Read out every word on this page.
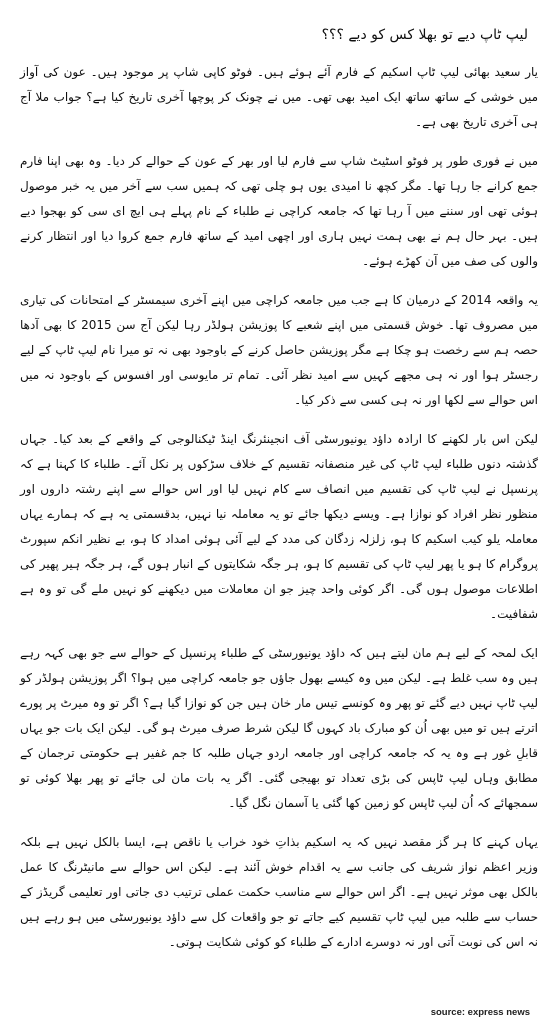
لیپ ٹاپ دیے تو بھلا کس کو دیے ؟؟؟

یار سعید بھائی لیپ ٹاپ اسکیم کے فارم آئے ہوئے ہیں۔ فوٹو کاپی شاپ پر موجود ہیں۔ عون کی آواز میں خوشی کے ساتھ ساتھ ایک امید بھی تھی۔ میں نے چونک کر پوچھا آخری تاریخ کیا ہے؟ جواب ملا آج ہی آخری تاریخ بھی ہے۔

میں نے فوری طور پر فوٹو اسٹیٹ شاپ سے فارم لیا اور بھر کے عون کے حوالے کر دیا۔ وہ بھی اپنا فارم جمع کرانے جا رہا تھا۔ مگر کچھ نا امیدی یوں ہو چلی تھی کہ ہمیں سب سے آخر میں یہ خبر موصول ہوئی تھی اور سننے میں آ رہا تھا کہ جامعہ کراچی نے طلباء کے نام پہلے ہی ایچ ای سی کو بھجوا دیے ہیں۔ بہر حال ہم نے بھی ہمت نہیں ہاری اور اچھی امید کے ساتھ فارم جمع کروا دیا اور انتظار کرنے والوں کی صف میں آن کھڑے ہوئے۔

یہ واقعہ 2014 کے درمیان کا ہے جب میں جامعہ کراچی میں اپنے آخری سیمسٹر کے امتحانات کی تیاری میں مصروف تھا۔ خوش قسمتی میں اپنے شعبے کا پوزیشن ہولڈر رہا لیکن آج سن 2015 کا بھی آدھا حصہ ہم سے رخصت ہو چکا ہے مگر پوزیشن حاصل کرنے کے باوجود بھی نہ تو میرا نام لیپ ٹاپ کے لیے رجسٹر ہوا اور نہ ہی مجھے کہیں سے امید نظر آئی۔ تمام تر مایوسی اور افسوس کے باوجود نہ میں اس حوالے سے لکھا اور نہ ہی کسی سے ذکر کیا۔

لیکن اس بار لکھنے کا ارادہ داؤد یونیورسٹی آف انجینئرنگ اینڈ ٹیکنالوجی کے واقعے کے بعد کیا۔ جہاں گذشتہ دنوں طلباء لیپ ٹاپ کی غیر منصفانہ تقسیم کے خلاف سڑکوں پر نکل آئے۔ طلباء کا کہنا ہے کہ پرنسپل نے لیپ ٹاپ کی تقسیم میں انصاف سے کام نہیں لیا اور اس حوالے سے اپنے رشتہ داروں اور منظور نظر افراد کو نوازا ہے۔ ویسے دیکھا جائے تو یہ معاملہ نیا نہیں، بدقسمتی یہ ہے کہ ہمارے یہاں معاملہ یلو کیب اسکیم کا ہو، زلزلہ زدگان کی مدد کے لیے آئی ہوئی امداد کا ہو، بے نظیر انکم سپورٹ پروگرام کا ہو یا پھر لیپ ٹاپ کی تقسیم کا ہو، ہر جگہ شکایتوں کے انبار ہوں گے، ہر جگہ ہیر پھیر کی اطلاعات موصول ہوں گی۔ اگر کوئی واحد چیز جو ان معاملات میں دیکھنے کو نہیں ملے گی تو وہ ہے شفافیت۔

ایک لمحہ کے لیے ہم مان لیتے ہیں کہ داؤد یونیورسٹی کے طلباء پرنسپل کے حوالے سے جو بھی کہہ رہے ہیں وہ سب غلط ہے۔ لیکن میں وہ کیسے بھول جاؤں جو جامعہ کراچی میں ہوا؟ اگر پوزیشن ہولڈر کو لیپ ٹاپ نہیں دیے گئے تو پھر وہ کونسے تیس مار خان ہیں جن کو نوازا گیا ہے؟ اگر تو وہ میرٹ پر پورے اترتے ہیں تو میں بھی اُن کو مبارک باد کہوں گا لیکن شرط صرف میرٹ ہو گی۔ لیکن ایک بات جو یہاں قابلِ غور ہے وہ یہ کہ جامعہ کراچی اور جامعہ اردو جہاں طلبہ کا جم غفیر ہے حکومتی ترجمان کے مطابق وہاں لیپ ٹاپس کی بڑی تعداد تو بھیجی گئی۔ اگر یہ بات مان لی جائے تو پھر بھلا کوئی تو سمجھائے کہ اُن لیپ ٹاپس کو زمین کھا گئی یا آسمان نگل گیا۔

یہاں کہنے کا ہر گز مقصد نہیں کہ یہ اسکیم بذاتِ خود خراب یا ناقص ہے، ایسا بالکل نہیں ہے بلکہ وزیر اعظم نواز شریف کی جانب سے یہ اقدام خوش آئند ہے۔ لیکن اس حوالے سے مانیٹرنگ کا عمل بالکل بھی موثر نہیں ہے۔ اگر اس حوالے سے مناسب حکمت عملی ترتیب دی جاتی اور تعلیمی گریڈز کے حساب سے طلبہ میں لیپ ٹاپ تقسیم کیے جاتے تو جو واقعات کل سے داؤد یونیورسٹی میں ہو رہے ہیں نہ اس کی نوبت آتی اور نہ دوسرے ادارے کے طلباء کو کوئی شکایت ہوتی۔

source: express news
